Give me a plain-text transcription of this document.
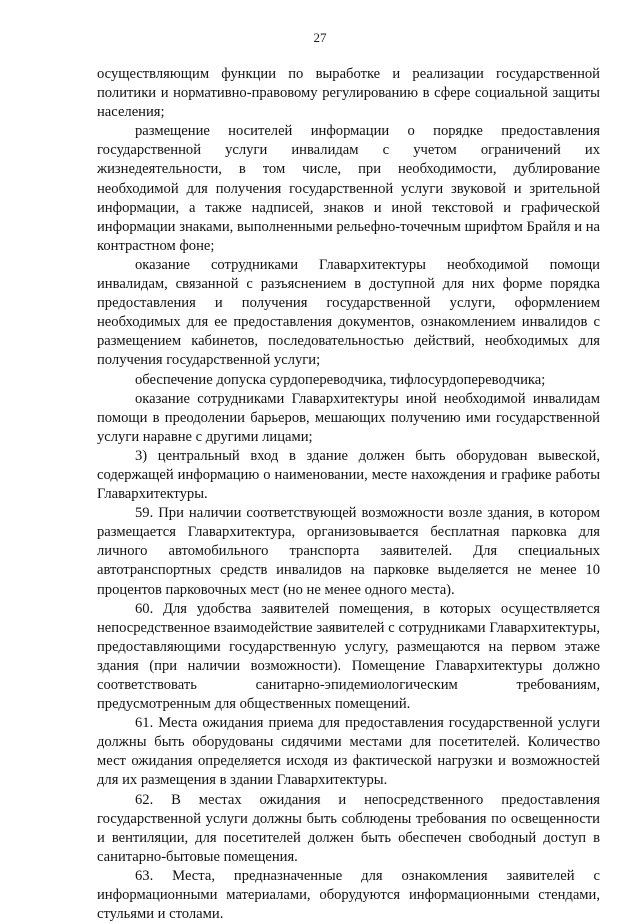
27

осуществляющим функции по выработке и реализации государственной политики и нормативно-правовому регулированию в сфере социальной защиты населения;

размещение носителей информации о порядке предоставления государственной услуги инвалидам с учетом ограничений их жизнедеятельности, в том числе, при необходимости, дублирование необходимой для получения государственной услуги звуковой и зрительной информации, а также надписей, знаков и иной текстовой и графической информации знаками, выполненными рельефно-точечным шрифтом Брайля и на контрастном фоне;

оказание сотрудниками Главархитектуры необходимой помощи инвалидам, связанной с разъяснением в доступной для них форме порядка предоставления и получения государственной услуги, оформлением необходимых для ее предоставления документов, ознакомлением инвалидов с размещением кабинетов, последовательностью действий, необходимых для получения государственной услуги;

обеспечение допуска сурдопереводчика, тифлосурдопереводчика;

оказание сотрудниками Главархитектуры иной необходимой инвалидам помощи в преодолении барьеров, мешающих получению ими государственной услуги наравне с другими лицами;

3) центральный вход в здание должен быть оборудован вывеской, содержащей информацию о наименовании, месте нахождения и графике работы Главархитектуры.

59. При наличии соответствующей возможности возле здания, в котором размещается Главархитектура, организовывается бесплатная парковка для личного автомобильного транспорта заявителей. Для специальных автотранспортных средств инвалидов на парковке выделяется не менее 10 процентов парковочных мест (но не менее одного места).

60. Для удобства заявителей помещения, в которых осуществляется непосредственное взаимодействие заявителей с сотрудниками Главархитектуры, предоставляющими государственную услугу, размещаются на первом этаже здания (при наличии возможности). Помещение Главархитектуры должно соответствовать санитарно-эпидемиологическим требованиям, предусмотренным для общественных помещений.

61. Места ожидания приема для предоставления государственной услуги должны быть оборудованы сидячими местами для посетителей. Количество мест ожидания определяется исходя из фактической нагрузки и возможностей для их размещения в здании Главархитектуры.

62. В местах ожидания и непосредственного предоставления государственной услуги должны быть соблюдены требования по освещенности и вентиляции, для посетителей должен быть обеспечен свободный доступ в санитарно-бытовые помещения.

63. Места, предназначенные для ознакомления заявителей с информационными материалами, оборудуются информационными стендами, стульями и столами.
